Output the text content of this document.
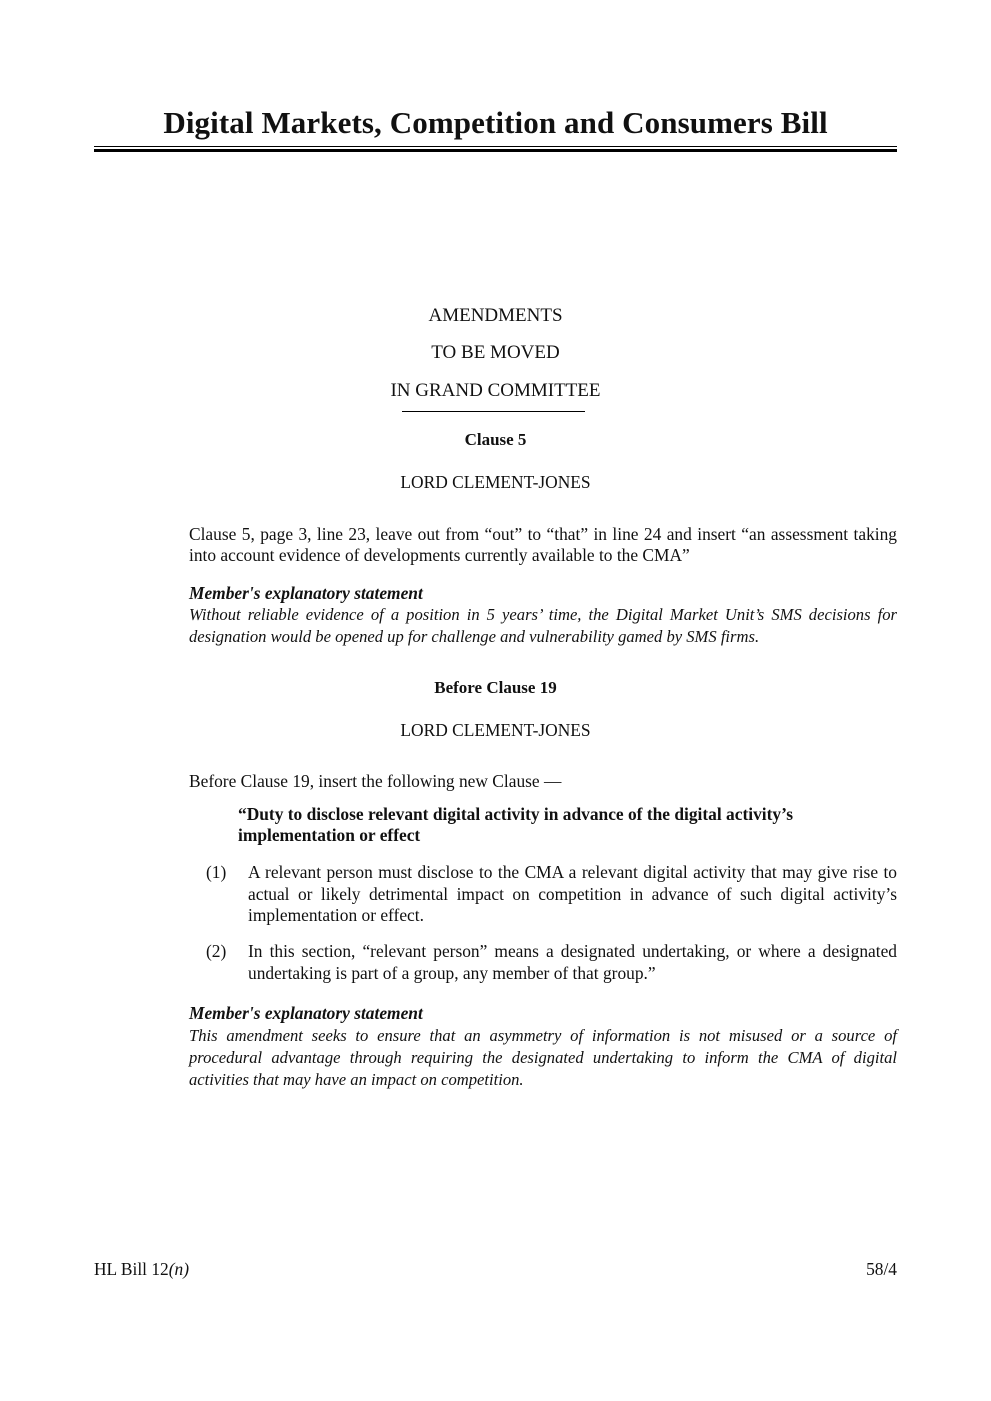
Digital Markets, Competition and Consumers Bill
AMENDMENTS
TO BE MOVED
IN GRAND COMMITTEE
Clause 5
LORD CLEMENT-JONES
Clause 5, page 3, line 23, leave out from “out” to “that” in line 24 and insert “an assessment taking into account evidence of developments currently available to the CMA”
Member's explanatory statement
Without reliable evidence of a position in 5 years’ time, the Digital Market Unit’s SMS decisions for designation would be opened up for challenge and vulnerability gamed by SMS firms.
Before Clause 19
LORD CLEMENT-JONES
Before Clause 19, insert the following new Clause —
“Duty to disclose relevant digital activity in advance of the digital activity’s implementation or effect
(1) A relevant person must disclose to the CMA a relevant digital activity that may give rise to actual or likely detrimental impact on competition in advance of such digital activity’s implementation or effect.
(2) In this section, “relevant person” means a designated undertaking, or where a designated undertaking is part of a group, any member of that group.”
Member's explanatory statement
This amendment seeks to ensure that an asymmetry of information is not misused or a source of procedural advantage through requiring the designated undertaking to inform the CMA of digital activities that may have an impact on competition.
HL Bill 12(n)	58/4
